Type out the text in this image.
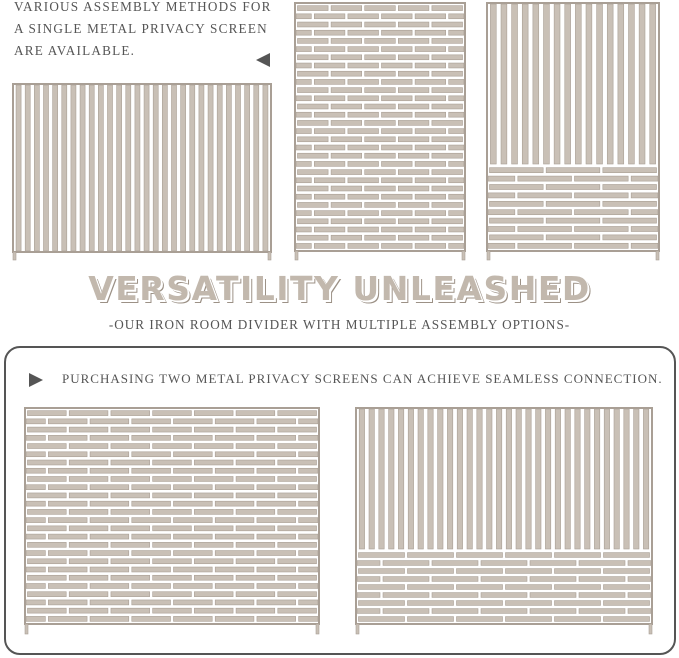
VARIOUS ASSEMBLY METHODS FOR
A SINGLE METAL PRIVACY SCREEN
ARE AVAILABLE.
VERSATILITY UNLEASHED

-OUR IRON ROOM DIVIDER WITH MULTIPLE ASSEMBLY OPTIONS-

PURCHASING TWO METAL PRIVACY SCREENS CAN ACHIEVE SEAMLESS CONNECTION.
